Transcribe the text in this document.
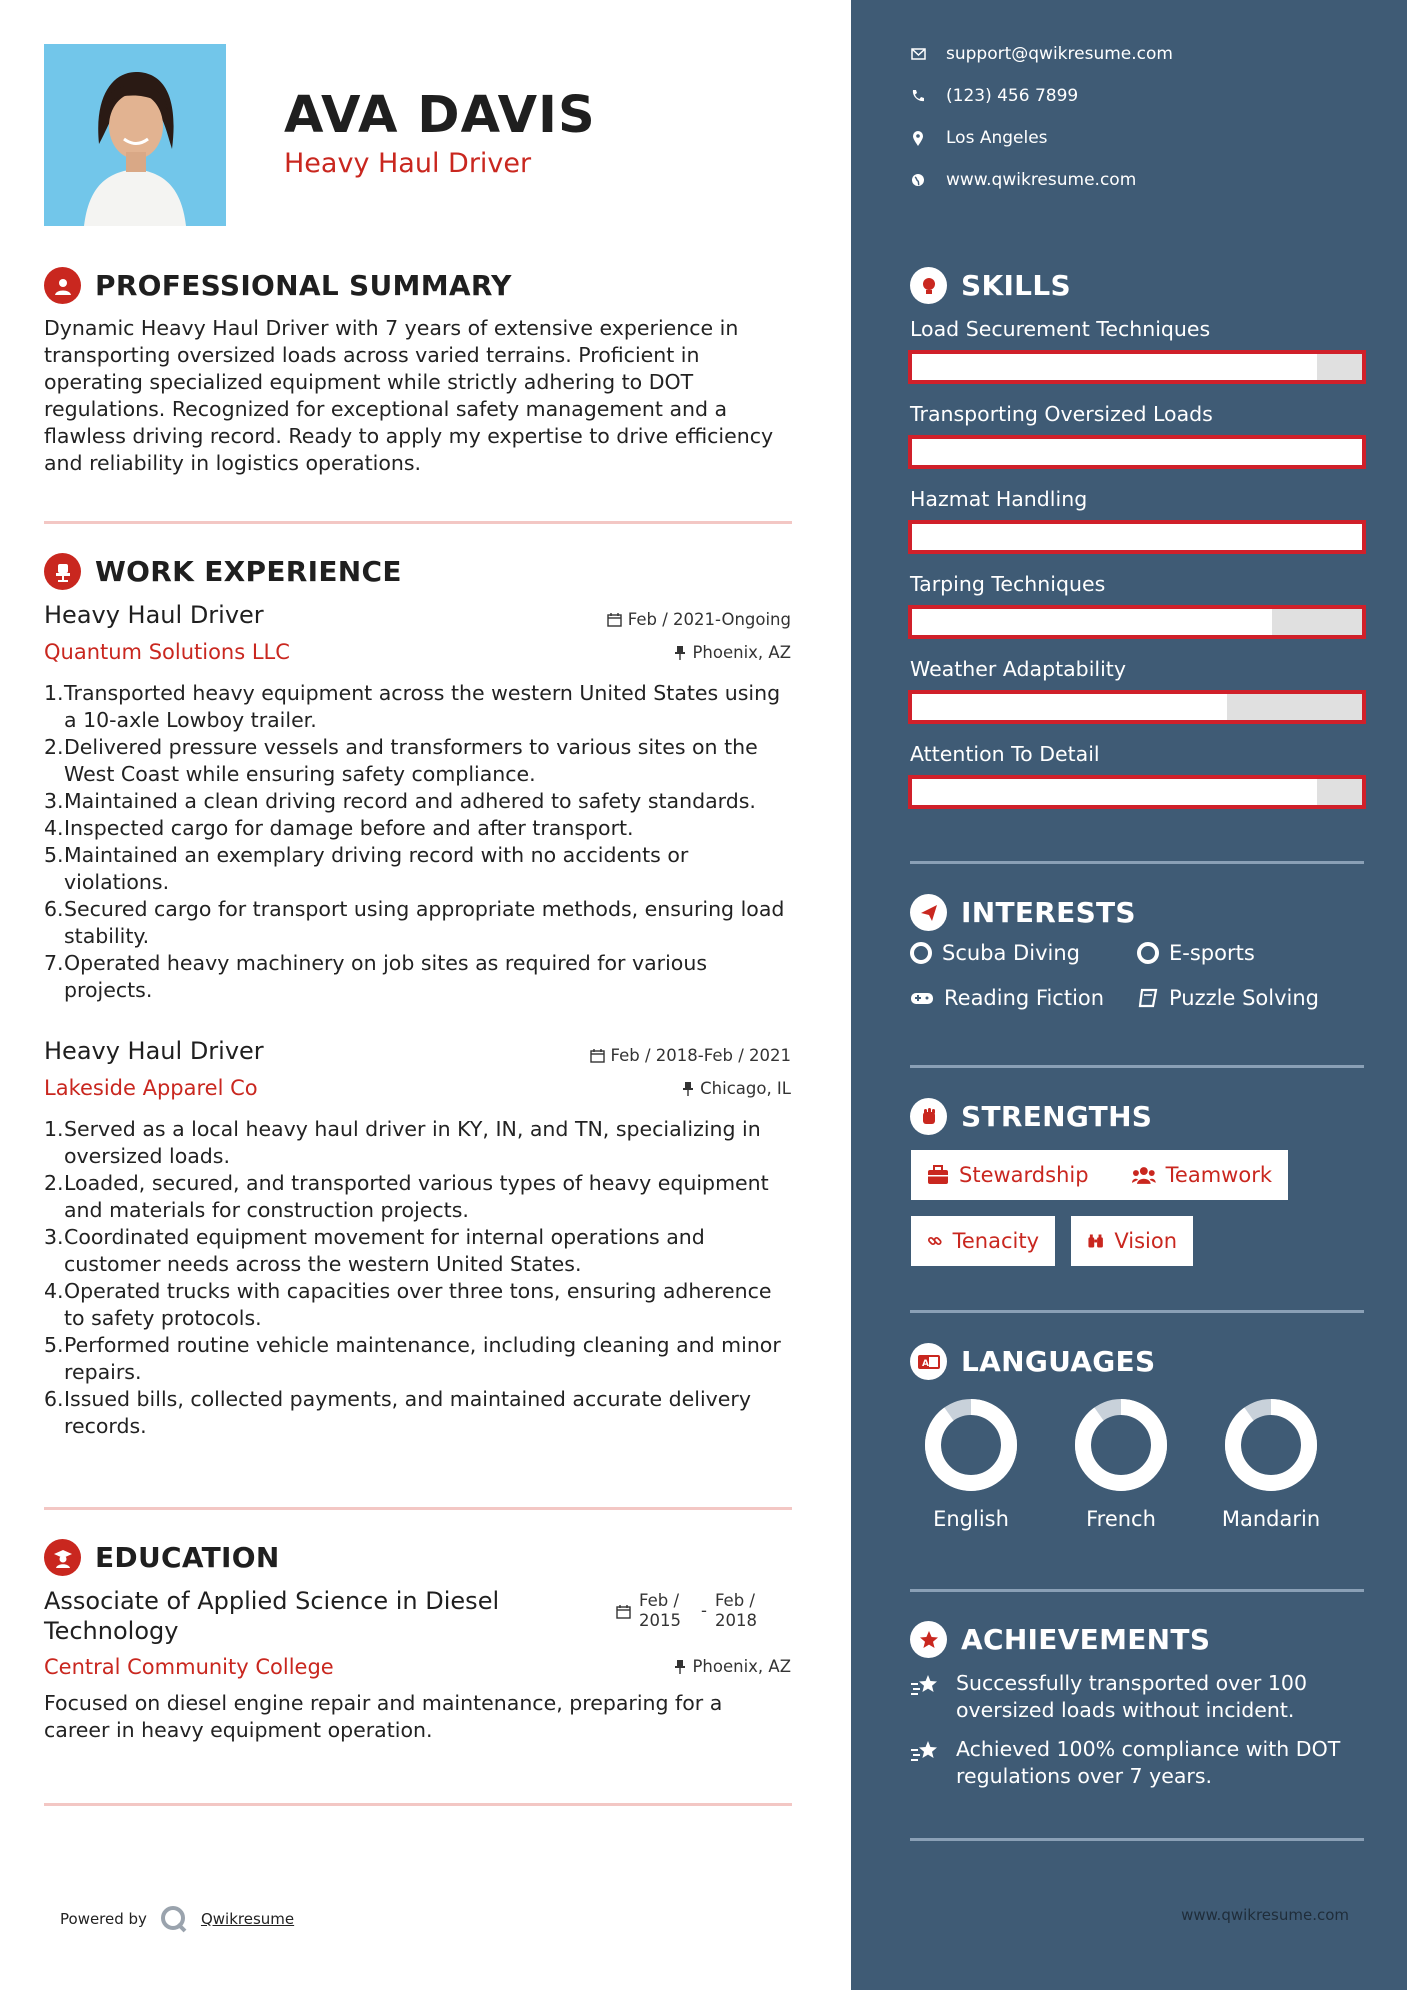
AVA DAVIS
Heavy Haul Driver
PROFESSIONAL SUMMARY
Dynamic Heavy Haul Driver with 7 years of extensive experience in transporting oversized loads across varied terrains. Proficient in operating specialized equipment while strictly adhering to DOT regulations. Recognized for exceptional safety management and a flawless driving record. Ready to apply my expertise to drive efficiency and reliability in logistics operations.
WORK EXPERIENCE
Heavy Haul Driver	Feb / 2021-Ongoing
Quantum Solutions LLC	Phoenix, AZ
1. Transported heavy equipment across the western United States using a 10-axle Lowboy trailer.
2. Delivered pressure vessels and transformers to various sites on the West Coast while ensuring safety compliance.
3. Maintained a clean driving record and adhered to safety standards.
4. Inspected cargo for damage before and after transport.
5. Maintained an exemplary driving record with no accidents or violations.
6. Secured cargo for transport using appropriate methods, ensuring load stability.
7. Operated heavy machinery on job sites as required for various projects.
Heavy Haul Driver	Feb / 2018-Feb / 2021
Lakeside Apparel Co	Chicago, IL
1. Served as a local heavy haul driver in KY, IN, and TN, specializing in oversized loads.
2. Loaded, secured, and transported various types of heavy equipment and materials for construction projects.
3. Coordinated equipment movement for internal operations and customer needs across the western United States.
4. Operated trucks with capacities over three tons, ensuring adherence to safety protocols.
5. Performed routine vehicle maintenance, including cleaning and minor repairs.
6. Issued bills, collected payments, and maintained accurate delivery records.
EDUCATION
Associate of Applied Science in Diesel Technology
Feb / 2015
-
Feb / 2018
Central Community College	Phoenix, AZ
Focused on diesel engine repair and maintenance, preparing for a career in heavy equipment operation.
Powered by	Qwikresume
support@qwikresume.com
(123) 456 7899
Los Angeles
www.qwikresume.com
SKILLS
Load Securement Techniques
Transporting Oversized Loads
Hazmat Handling
Tarping Techniques
Weather Adaptability
Attention To Detail
INTERESTS
Scuba Diving	E-sports
Reading Fiction	Puzzle Solving
STRENGTHS
Stewardship	Teamwork
Tenacity	Vision
A LANGUAGES
English	French	Mandarin
ACHIEVEMENTS
Successfully transported over 100 oversized loads without incident.
Achieved 100% compliance with DOT regulations over 7 years.
www.qwikresume.com
